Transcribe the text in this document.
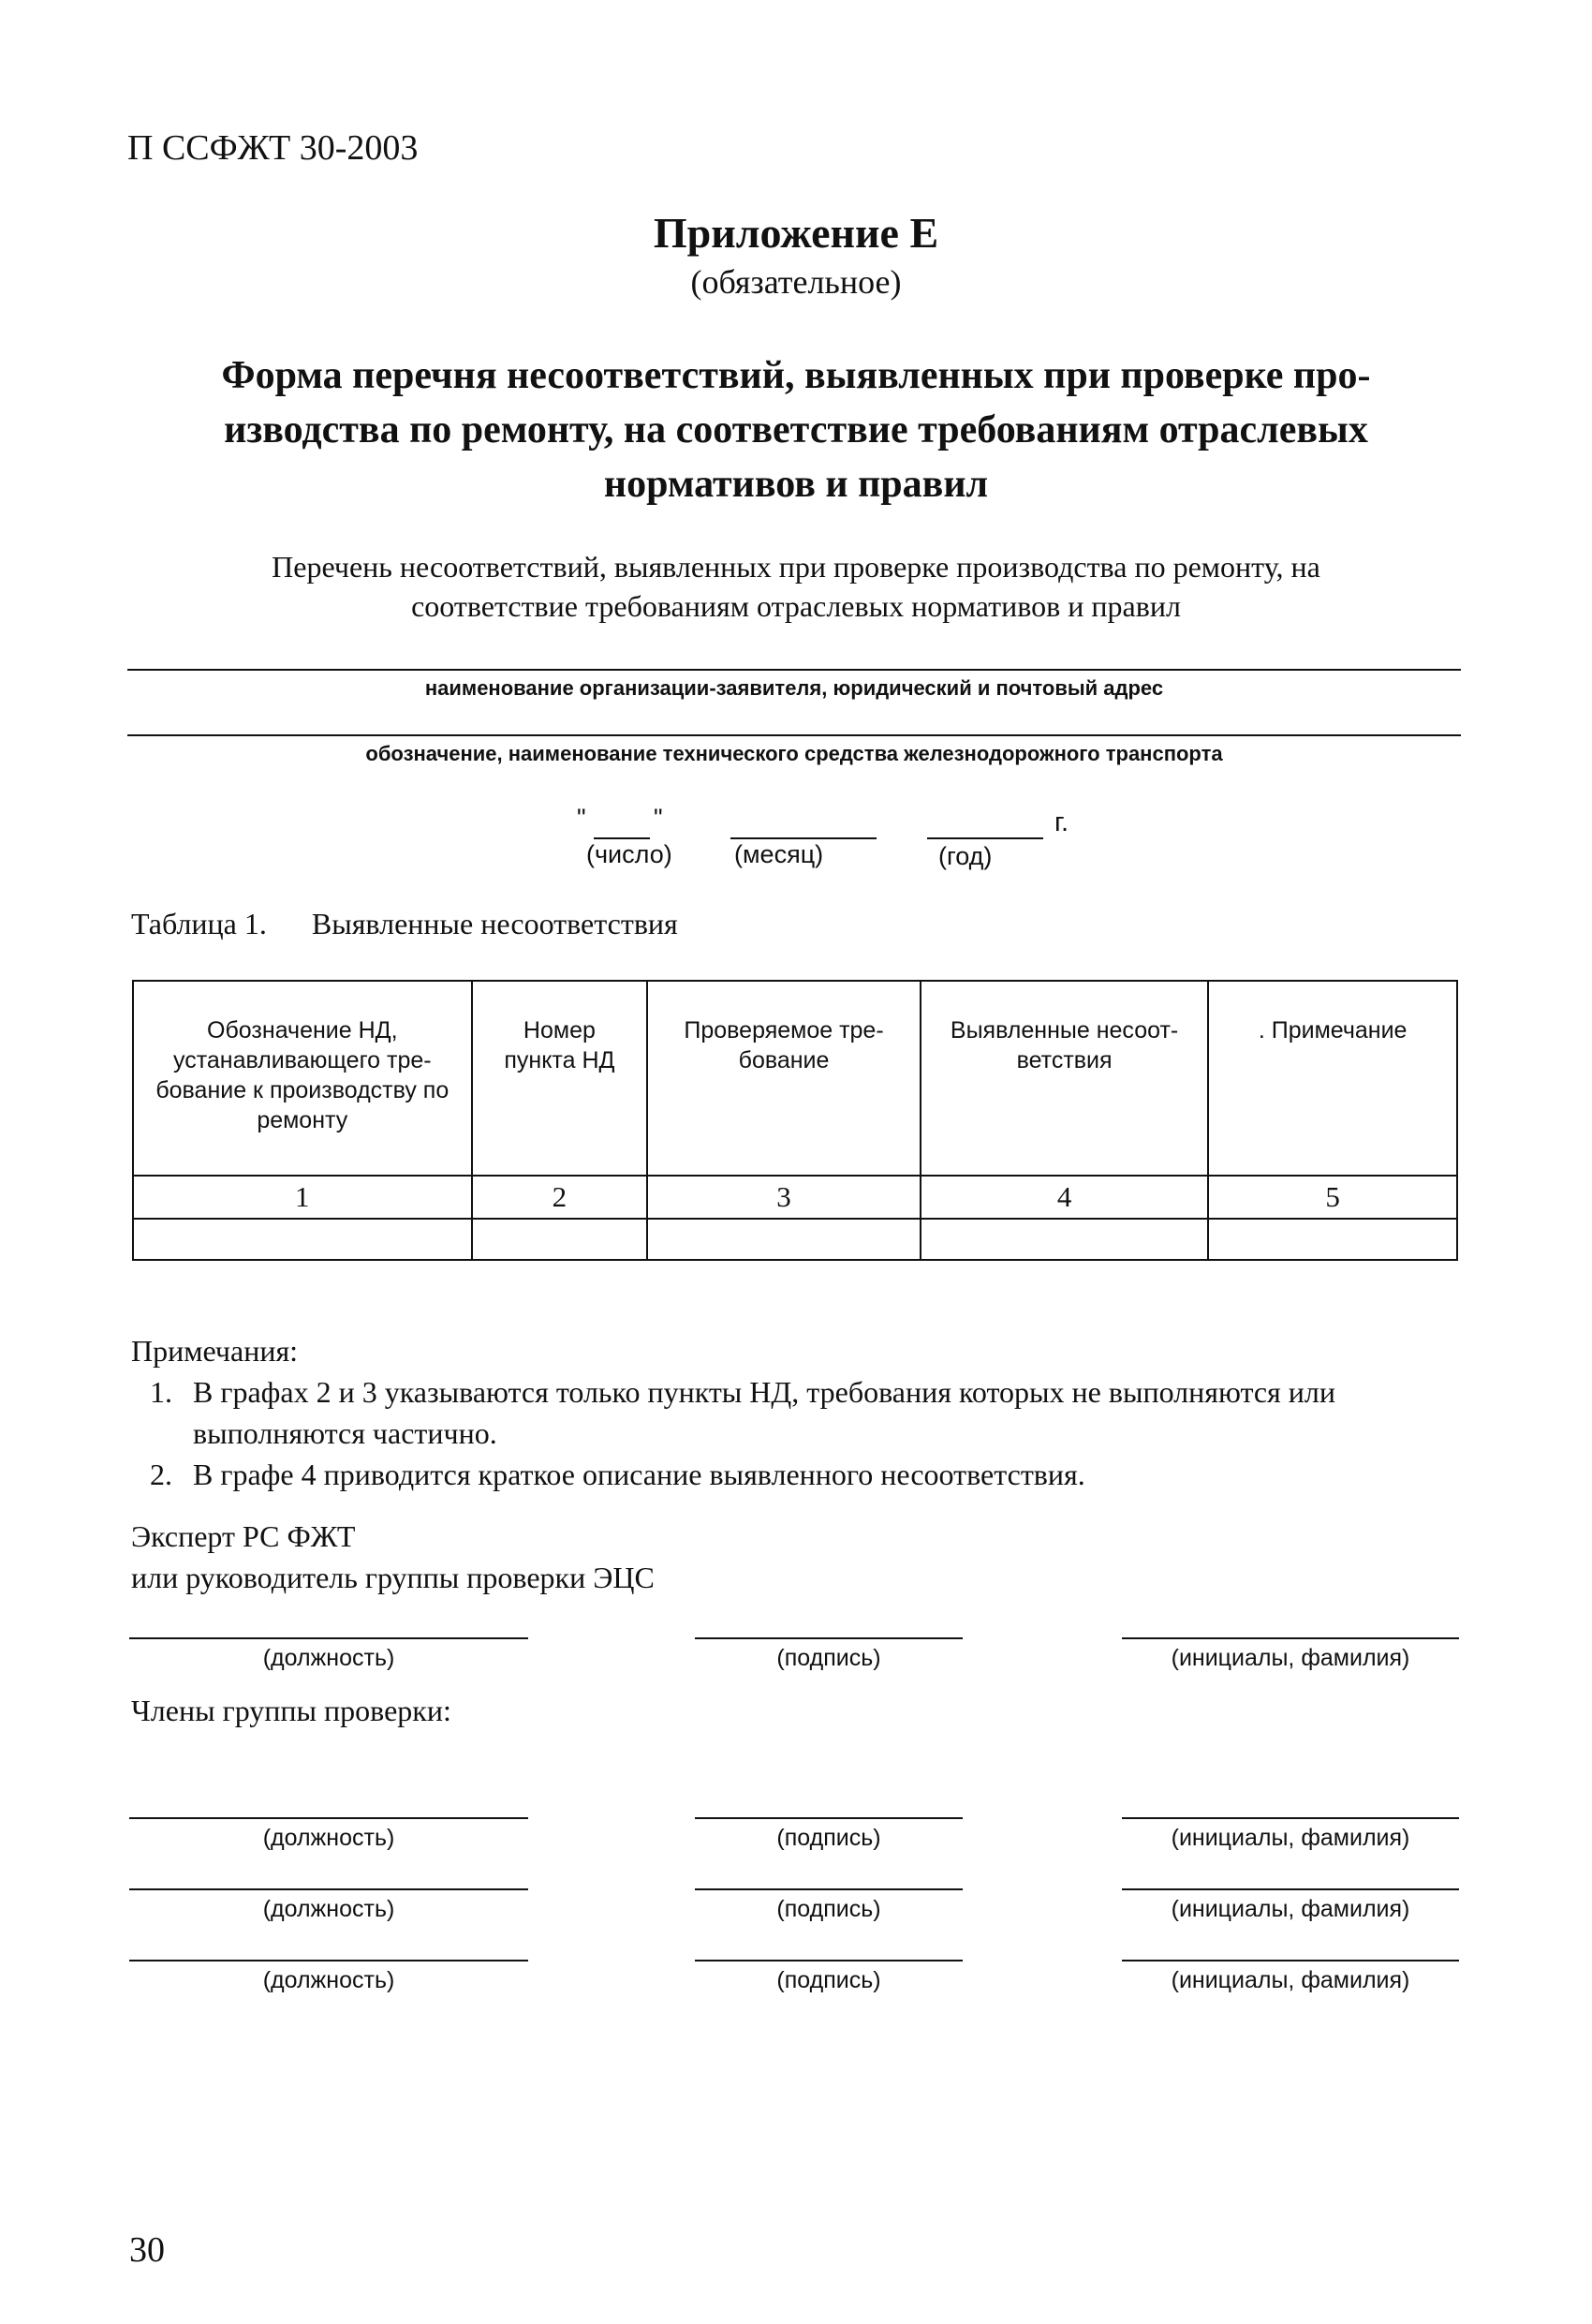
П ССФЖТ 30-2003
Приложение Е
(обязательное)
Форма перечня несоответствий, выявленных при проверке про-
изводства по ремонту, на соответствие требованиям отраслевых
нормативов и правил
Перечень несоответствий, выявленных при проверке производства по ремонту, на
соответствие требованиям отраслевых нормативов и правил
наименование организации-заявителя, юридический и почтовый адрес
обозначение, наименование технического средства железнодорожного транспорта
"	"	г.
(число) (месяц)	(год)
Таблица 1. Выявленные несоответствия
Обозначение НД, устанавливающего тре-бование к производству по ремонту	Номер пункта НД	Проверяемое тре-бование	Выявленные несоот-ветствия	. Примечание
1	2	3	4	5

Примечания:
1. В графах 2 и 3 указываются только пункты НД, требования которых не выполняются или выполняются частично.
2. В графе 4 приводится краткое описание выявленного несоответствия.
Эксперт РС ФЖТ
или руководитель группы проверки ЭЦС
(должность)	(подпись)	(инициалы, фамилия)
Члены группы проверки:
(должность)	(подпись)	(инициалы, фамилия)
(должность)	(подпись)	(инициалы, фамилия)
(должность)	(подпись)	(инициалы, фамилия)
30
